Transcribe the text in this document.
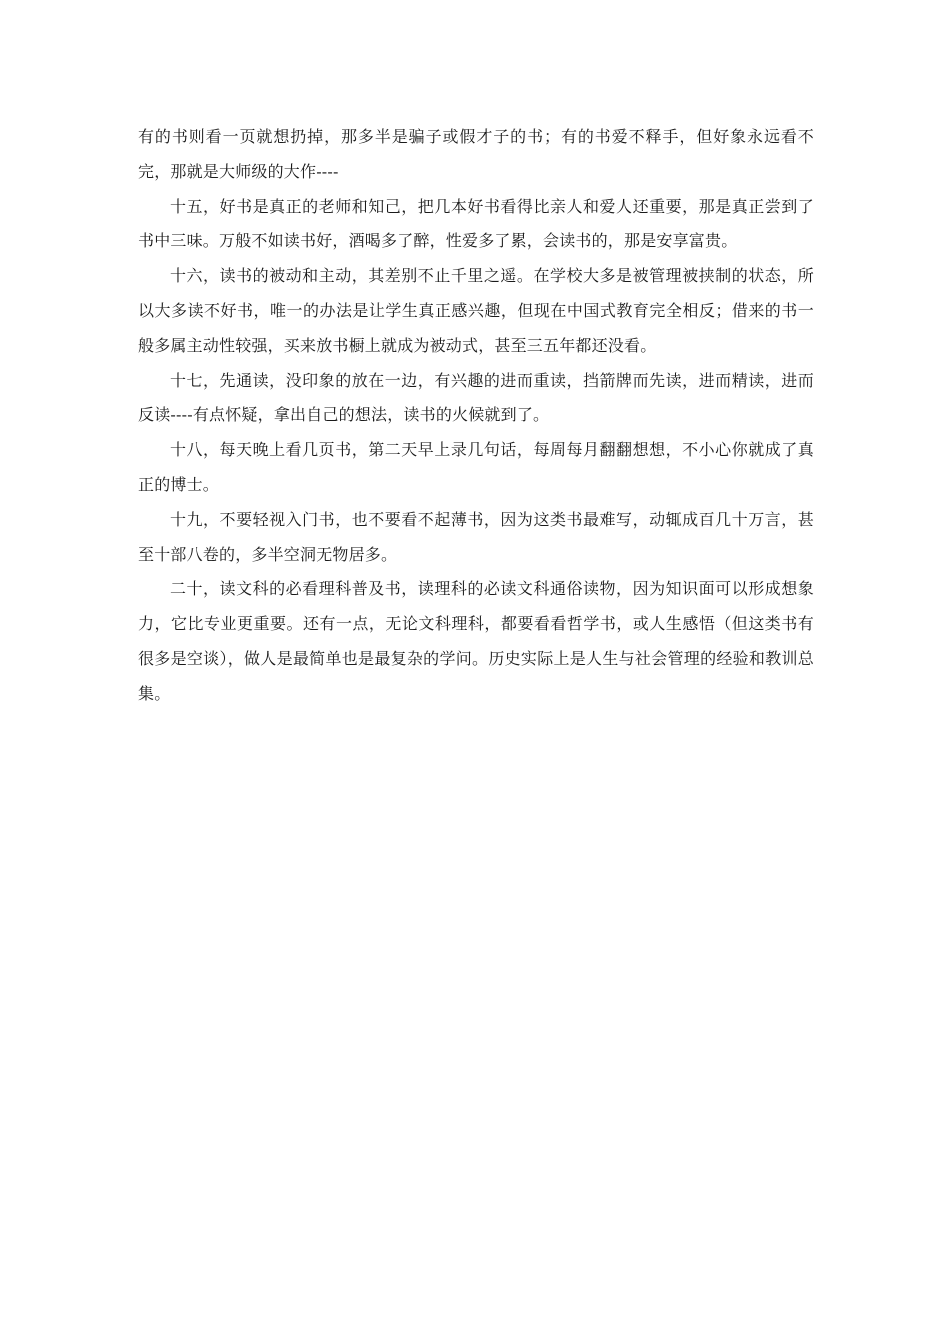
有的书则看一页就想扔掉，那多半是骗子或假才子的书；有的书爱不释手，但好象永远看不完，那就是大师级的大作----

十五，好书是真正的老师和知己，把几本好书看得比亲人和爱人还重要，那是真正尝到了书中三味。万般不如读书好，酒喝多了醉，性爱多了累，会读书的，那是安享富贵。

十六，读书的被动和主动，其差别不止千里之遥。在学校大多是被管理被挟制的状态，所以大多读不好书，唯一的办法是让学生真正感兴趣，但现在中国式教育完全相反；借来的书一般多属主动性较强，买来放书橱上就成为被动式，甚至三五年都还没看。

十七，先通读，没印象的放在一边，有兴趣的进而重读，挡箭牌而先读，进而精读，进而反读----有点怀疑，拿出自己的想法，读书的火候就到了。

十八，每天晚上看几页书，第二天早上录几句话，每周每月翻翻想想，不小心你就成了真正的博士。

十九，不要轻视入门书，也不要看不起薄书，因为这类书最难写，动辄成百几十万言，甚至十部八卷的，多半空洞无物居多。

二十，读文科的必看理科普及书，读理科的必读文科通俗读物，因为知识面可以形成想象力，它比专业更重要。还有一点，无论文科理科，都要看看哲学书，或人生感悟（但这类书有很多是空谈），做人是最简单也是最复杂的学问。历史实际上是人生与社会管理的经验和教训总集。
